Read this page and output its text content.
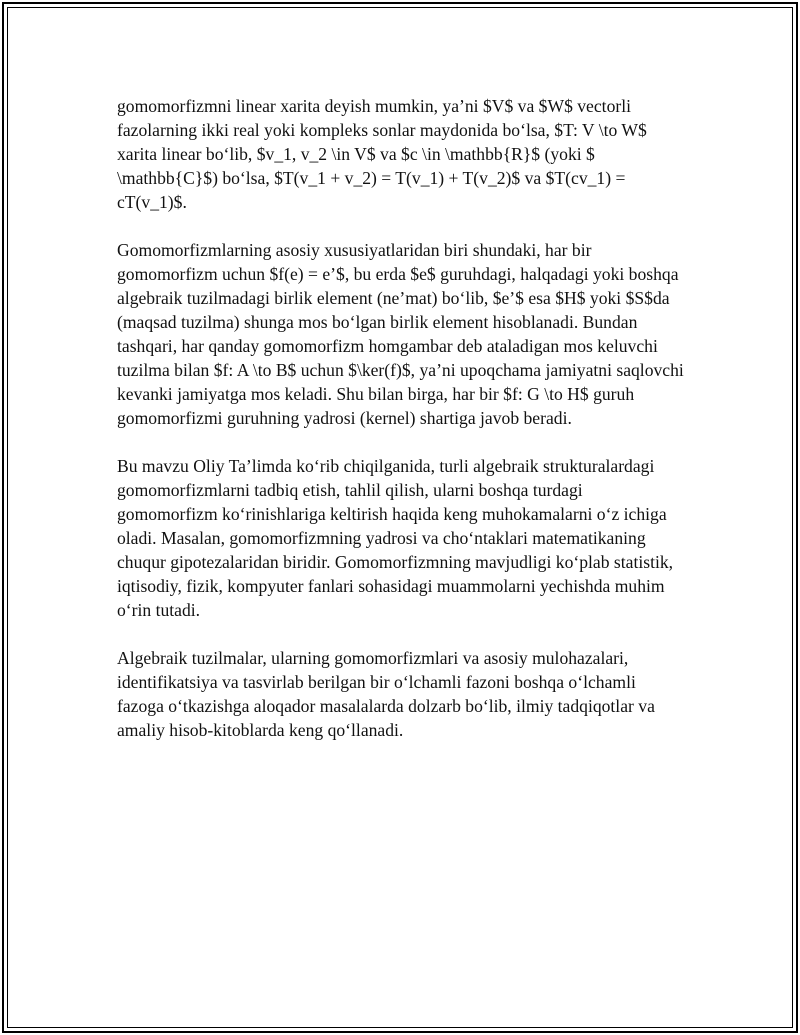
gomomorfizmni linear xarita deyish mumkin, ya’ni $V$ va $W$ vectorli fazolarning ikki real yoki kompleks sonlar maydonida bo‘lsa, $T: V \to W$ xarita linear bo‘lib, $v_1, v_2 \in V$ va $c \in \mathbb{R}$ (yoki $ \mathbb{C}$) bo‘lsa, $T(v_1 + v_2) = T(v_1) + T(v_2)$ va $T(cv_1) = cT(v_1)$.

Gomomorfizmlarning asosiy xususiyatlaridan biri shundaki, har bir gomomorfizm uchun $f(e) = e’$, bu erda $e$ guruhdagi, halqadagi yoki boshqa algebraik tuzilmadagi birlik element (ne’mat) bo‘lib, $e’$ esa $H$ yoki $S$da (maqsad tuzilma) shunga mos bo‘lgan birlik element hisoblanadi. Bundan tashqari, har qanday gomomorfizm homgambar deb ataladigan mos keluvchi tuzilma bilan $f: A \to B$ uchun $\ker(f)$, ya’ni upoqchama jamiyatni saqlovchi kevanki jamiyatga mos keladi. Shu bilan birga, har bir $f: G \to H$ guruh gomomorfizmi guruhning yadrosi (kernel) shartiga javob beradi.

Bu mavzu Oliy Ta’limda ko‘rib chiqilganida, turli algebraik strukturalardagi gomomorfizmlarni tadbiq etish, tahlil qilish, ularni boshqa turdagi gomomorfizm ko‘rinishlariga keltirish haqida keng muhokamalarni o‘z ichiga oladi. Masalan, gomomorfizmning yadrosi va cho‘ntaklari matematikaning chuqur gipotezalaridan biridir. Gomomorfizmning mavjudligi ko‘plab statistik, iqtisodiy, fizik, kompyuter fanlari sohasidagi muammolarni yechishda muhim o‘rin tutadi.

Algebraik tuzilmalar, ularning gomomorfizmlari va asosiy mulohazalari, identifikatsiya va tasvirlab berilgan bir o‘lchamli fazoni boshqa o‘lchamli fazoga o‘tkazishga aloqador masalalarda dolzarb bo‘lib, ilmiy tadqiqotlar va amaliy hisob-kitoblarda keng qo‘llanadi.
